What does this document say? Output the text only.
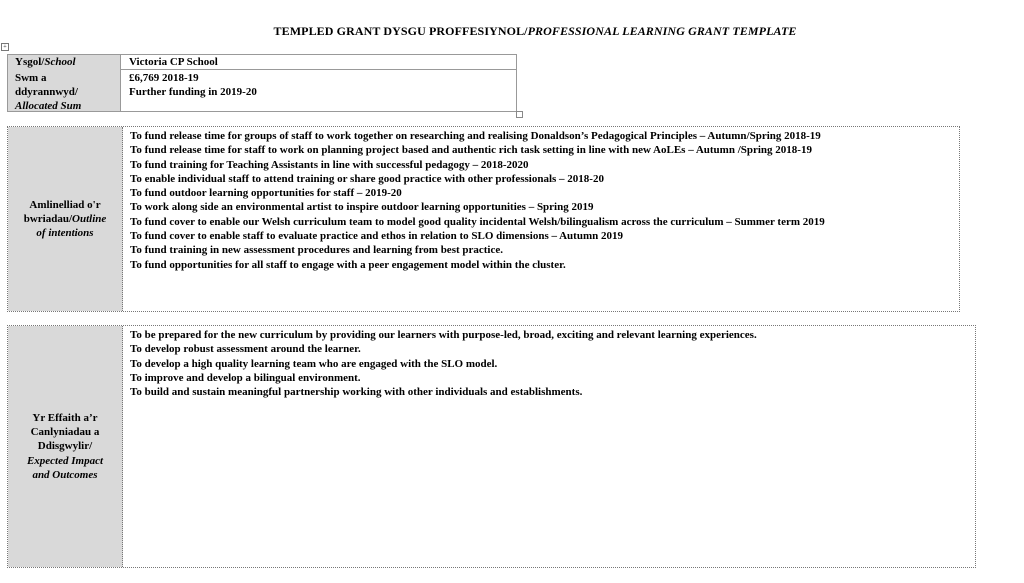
TEMPLED GRANT DYSGU PROFFESIYNOL/PROFESSIONAL LEARNING GRANT TEMPLATE
+
Ysgol/School	Victoria CP School
Swm a
ddyrannwyd/
Allocated Sum
£6,769 2018-19
Further funding in 2019-20
Amlinelliad o'r
bwriadau/Outline
of intentions
To fund release time for groups of staff to work together on researching and realising Donaldson’s Pedagogical Principles – Autumn/Spring 2018-19
To fund release time for staff to work on planning project based and authentic rich task setting in line with new AoLEs – Autumn /Spring 2018-19
To fund training for Teaching Assistants in line with successful pedagogy – 2018-2020
To enable individual staff to attend training or share good practice with other professionals – 2018-20
To fund outdoor learning opportunities for staff – 2019-20
To work along side an environmental artist to inspire outdoor learning opportunities – Spring 2019
To fund cover to enable our Welsh curriculum team to model good quality incidental Welsh/bilingualism across the curriculum – Summer term 2019
To fund cover to enable staff to evaluate practice and ethos in relation to SLO dimensions – Autumn 2019
To fund training in new assessment procedures and learning from best practice.
To fund opportunities for all staff to engage with a peer engagement model within the cluster.
Yr Effaith a’r
Canlyniadau a
Ddisgwylir/
Expected Impact
and Outcomes
To be prepared for the new curriculum by providing our learners with purpose-led, broad, exciting and relevant learning experiences.
To develop robust assessment around the learner.
To develop a high quality learning team who are engaged with the SLO model.
To improve and develop a bilingual environment.
To build and sustain meaningful partnership working with other individuals and establishments.
